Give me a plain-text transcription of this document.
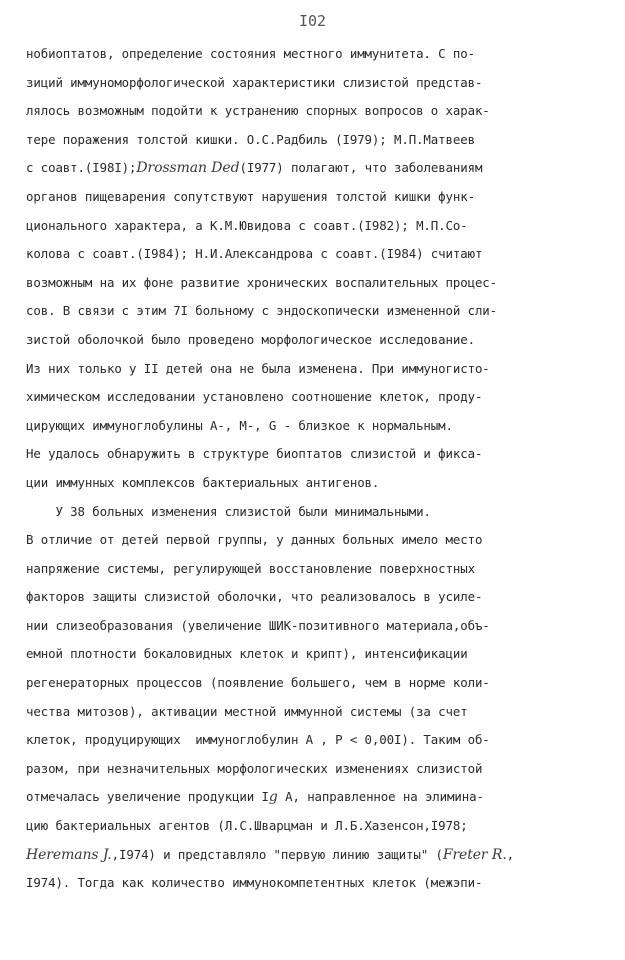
I02
нобиоптатов, определение состояния местного иммунитета. С по-
зиций иммуноморфологической характеристики слизистой представ-
лялось возможным подойти к устранению спорных вопросов о харак-
тере поражения толстой кишки. О.С.Радбиль (I979); М.П.Матвеев
с соавт.(I98I);Drossman Ded(I977) полагают, что заболеваниям
органов пищеварения сопутствуют нарушения толстой кишки функ-
ционального характера, а К.М.Ювидова с соавт.(I982); М.П.Со-
колова с соавт.(I984); Н.И.Александрова с соавт.(I984) считают
возможным на их фоне развитие хронических воспалительных процес-
сов. В связи с этим 7I больному с эндоскопически измененной сли-
зистой оболочкой было проведено морфологическое исследование.
Из них только у II детей она не была изменена. При иммуногисто-
химическом исследовании установлено соотношение клеток, проду-
цирующих иммуноглобулины А-, М-, G - близкое к нормальным.
Не удалось обнаружить в структуре биоптатов слизистой и фикса-
ции иммунных комплексов бактериальных антигенов.
У 38 больных изменения слизистой были минимальными.
В отличие от детей первой группы, у данных больных имело место
напряжение системы, регулирующей восстановление поверхностных
факторов защиты слизистой оболочки, что реализовалось в усиле-
нии слизеобразования (увеличение ШИК-позитивного материала,объ-
емной плотности бокаловидных клеток и крипт), интенсификации
регенераторных процессов (появление большего, чем в норме коли-
чества митозов), активации местной иммунной системы (за счет
клеток, продуцирующих  иммуноглобулин А , Р < 0,00I). Таким об-
разом, при незначительных морфологических изменениях слизистой
отмечалась увеличение продукции Ig А, направленное на элимина-
цию бактериальных агентов (Л.С.Шварцман и Л.Б.Хазенсон,I978;
Heremans J.,I974) и представляло "первую линию защиты" (Freter R.,
I974). Тогда как количество иммунокомпетентных клеток (межэпи-
